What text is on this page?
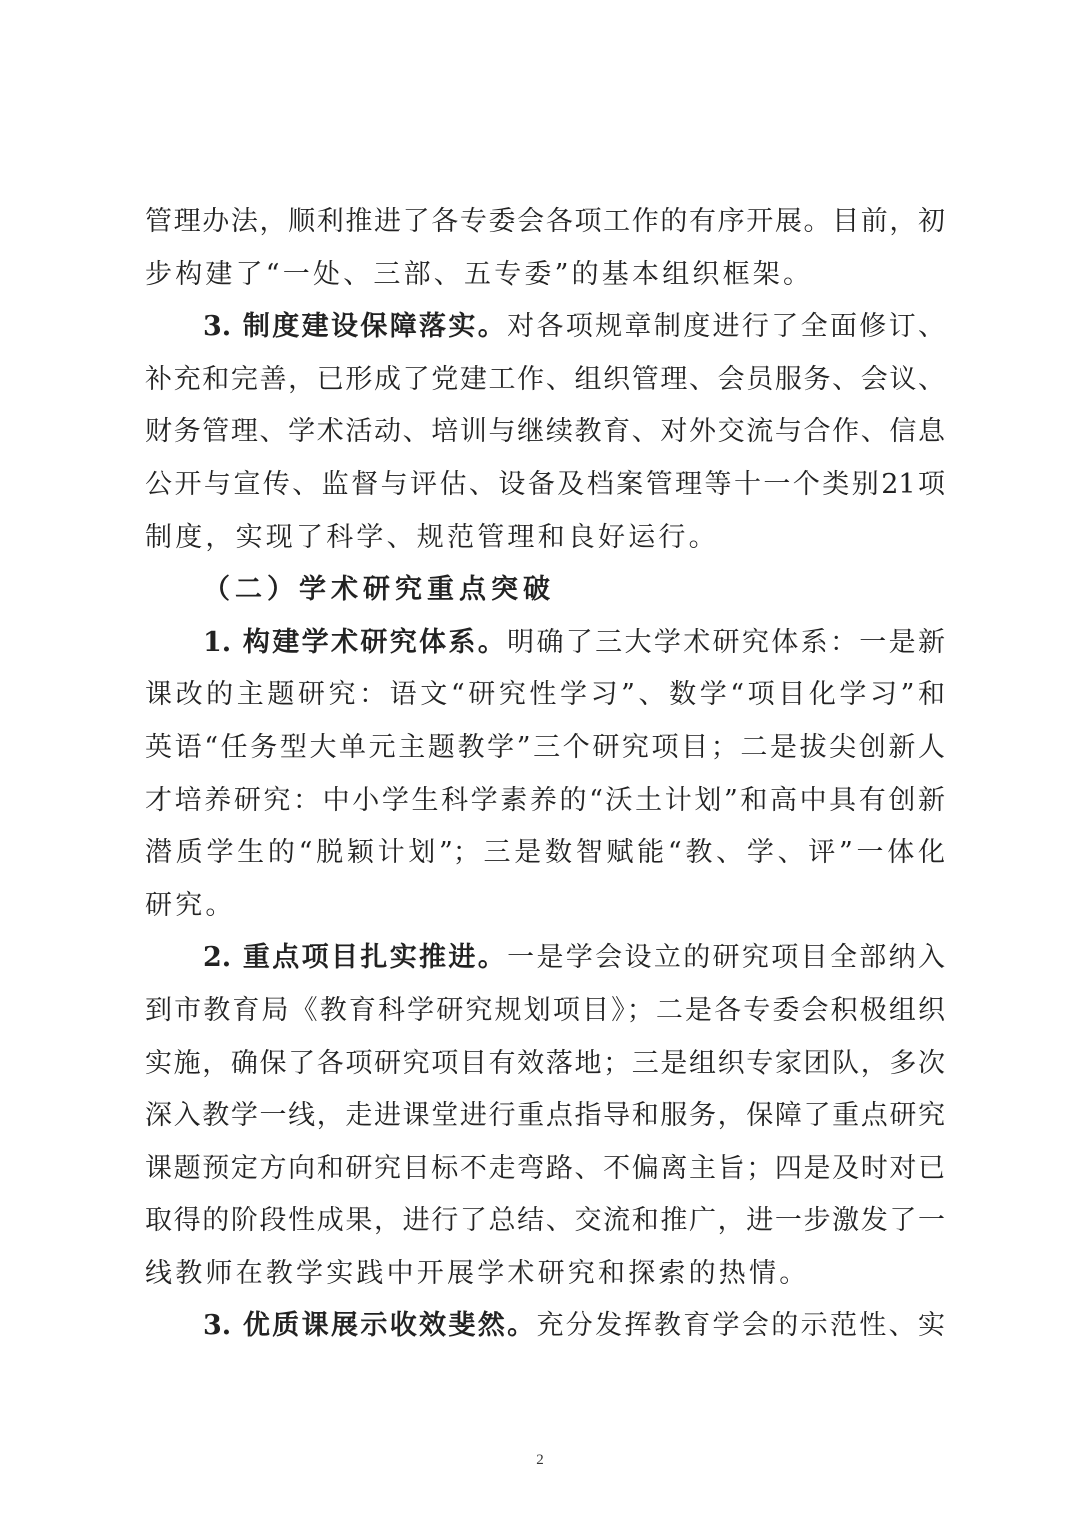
管理办法，顺利推进了各专委会各项工作的有序开展。目前，初
步构建了“一处、三部、五专委”的基本组织框架。
3. 制度建设保障落实。对各项规章制度进行了全面修订、
补充和完善，已形成了党建工作、组织管理、会员服务、会议、
财务管理、学术活动、培训与继续教育、对外交流与合作、信息
公开与宣传、监督与评估、设备及档案管理等十一个类别21项
制度，实现了科学、规范管理和良好运行。
（二）学术研究重点突破
1. 构建学术研究体系。明确了三大学术研究体系：一是新
课改的主题研究：语文“研究性学习”、数学“项目化学习”和
英语“任务型大单元主题教学”三个研究项目；二是拔尖创新人
才培养研究：中小学生科学素养的“沃土计划”和高中具有创新
潜质学生的“脱颖计划”；三是数智赋能“教、学、评”一体化
研究。
2. 重点项目扎实推进。一是学会设立的研究项目全部纳入
到市教育局《教育科学研究规划项目》；二是各专委会积极组织
实施，确保了各项研究项目有效落地；三是组织专家团队，多次
深入教学一线，走进课堂进行重点指导和服务，保障了重点研究
课题预定方向和研究目标不走弯路、不偏离主旨；四是及时对已
取得的阶段性成果，进行了总结、交流和推广，进一步激发了一
线教师在教学实践中开展学术研究和探索的热情。
3. 优质课展示收效斐然。充分发挥教育学会的示范性、实
2
